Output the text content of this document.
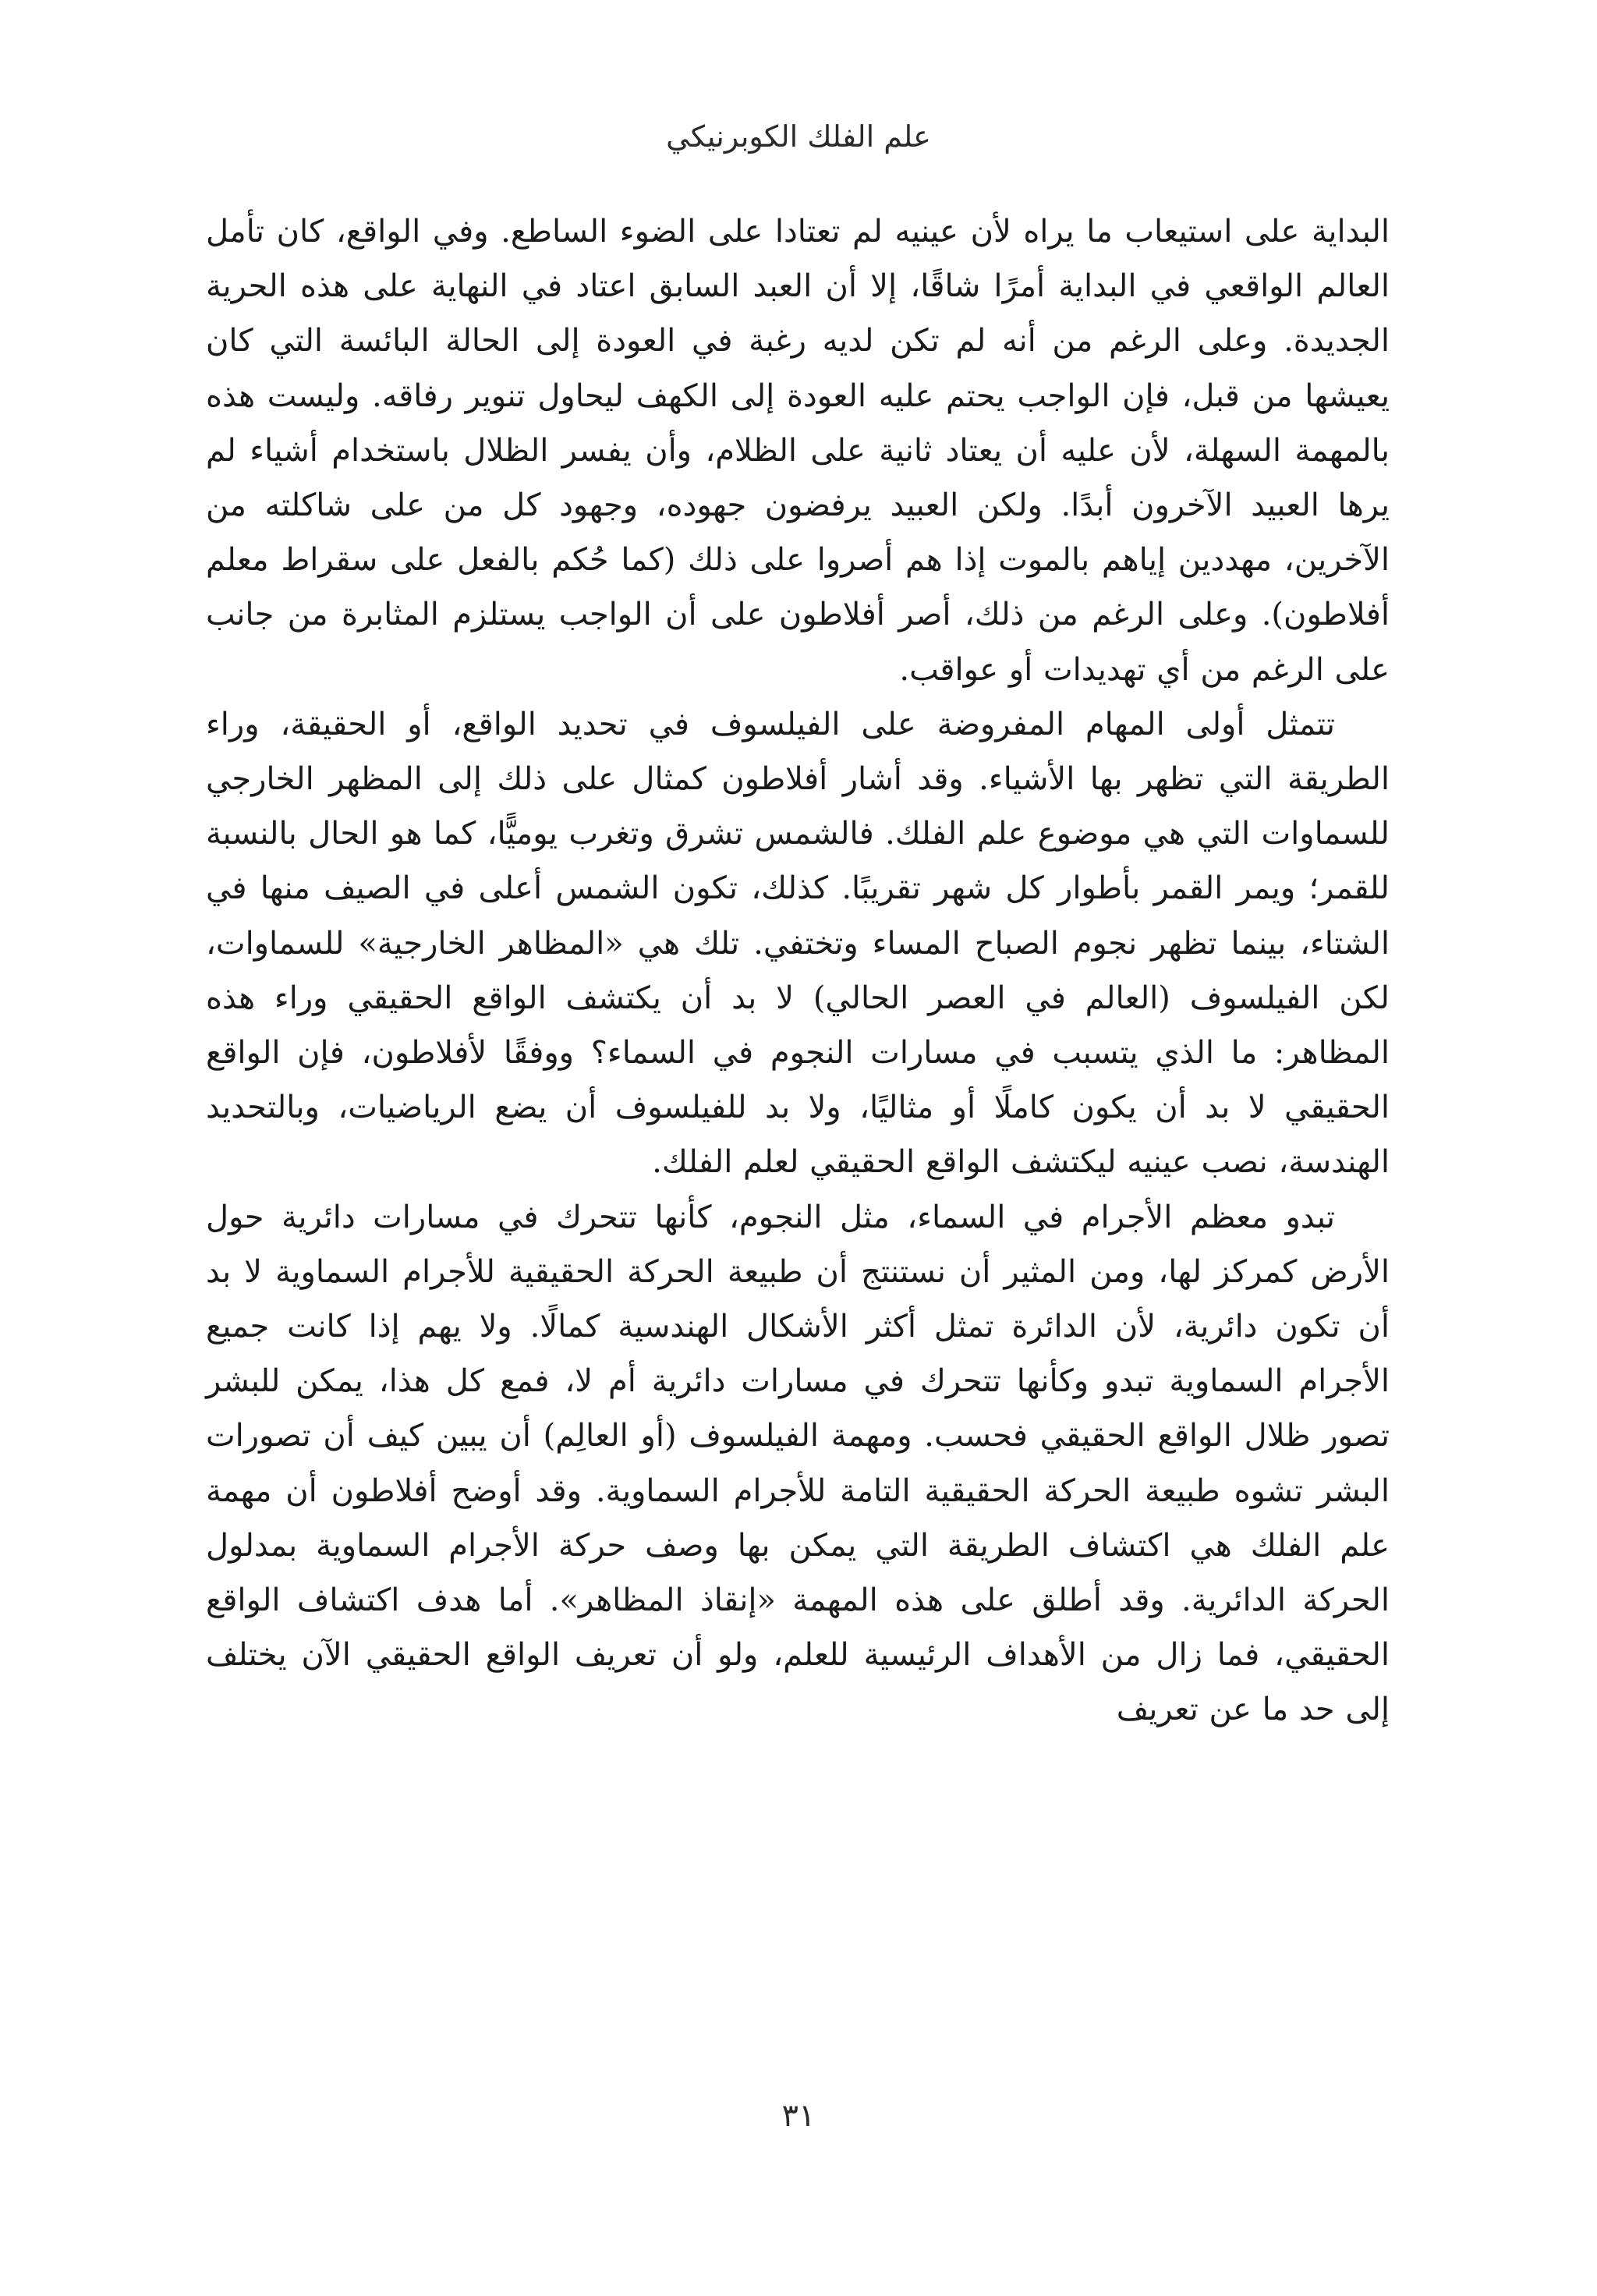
علم الفلك الكوبرنيكي

البداية على استيعاب ما يراه لأن عينيه لم تعتادا على الضوء الساطع. وفي الواقع، كان تأمل العالم الواقعي في البداية أمرًا شاقًا، إلا أن العبد السابق اعتاد في النهاية على هذه الحرية الجديدة. وعلى الرغم من أنه لم تكن لديه رغبة في العودة إلى الحالة البائسة التي كان يعيشها من قبل، فإن الواجب يحتم عليه العودة إلى الكهف ليحاول تنوير رفاقه. وليست هذه بالمهمة السهلة، لأن عليه أن يعتاد ثانية على الظلام، وأن يفسر الظلال باستخدام أشياء لم يرها العبيد الآخرون أبدًا. ولكن العبيد يرفضون جهوده، وجهود كل من على شاكلته من الآخرين، مهددين إياهم بالموت إذا هم أصروا على ذلك (كما حُكم بالفعل على سقراط معلم أفلاطون). وعلى الرغم من ذلك، أصر أفلاطون على أن الواجب يستلزم المثابرة من جانب على الرغم من أي تهديدات أو عواقب.

تتمثل أولى المهام المفروضة على الفيلسوف في تحديد الواقع، أو الحقيقة، وراء الطريقة التي تظهر بها الأشياء. وقد أشار أفلاطون كمثال على ذلك إلى المظهر الخارجي للسماوات التي هي موضوع علم الفلك. فالشمس تشرق وتغرب يوميًّا، كما هو الحال بالنسبة للقمر؛ ويمر القمر بأطوار كل شهر تقريبًا. كذلك، تكون الشمس أعلى في الصيف منها في الشتاء، بينما تظهر نجوم الصباح المساء وتختفي. تلك هي «المظاهر الخارجية» للسماوات، لكن الفيلسوف (العالم في العصر الحالي) لا بد أن يكتشف الواقع الحقيقي وراء هذه المظاهر: ما الذي يتسبب في مسارات النجوم في السماء؟ ووفقًا لأفلاطون، فإن الواقع الحقيقي لا بد أن يكون كاملًا أو مثاليًا، ولا بد للفيلسوف أن يضع الرياضيات، وبالتحديد الهندسة، نصب عينيه ليكتشف الواقع الحقيقي لعلم الفلك.

تبدو معظم الأجرام في السماء، مثل النجوم، كأنها تتحرك في مسارات دائرية حول الأرض كمركز لها، ومن المثير أن نستنتج أن طبيعة الحركة الحقيقية للأجرام السماوية لا بد أن تكون دائرية، لأن الدائرة تمثل أكثر الأشكال الهندسية كمالًا. ولا يهم إذا كانت جميع الأجرام السماوية تبدو وكأنها تتحرك في مسارات دائرية أم لا، فمع كل هذا، يمكن للبشر تصور ظلال الواقع الحقيقي فحسب. ومهمة الفيلسوف (أو العالِم) أن يبين كيف أن تصورات البشر تشوه طبيعة الحركة الحقيقية التامة للأجرام السماوية. وقد أوضح أفلاطون أن مهمة علم الفلك هي اكتشاف الطريقة التي يمكن بها وصف حركة الأجرام السماوية بمدلول الحركة الدائرية. وقد أطلق على هذه المهمة «إنقاذ المظاهر». أما هدف اكتشاف الواقع الحقيقي، فما زال من الأهداف الرئيسية للعلم، ولو أن تعريف الواقع الحقيقي الآن يختلف إلى حد ما عن تعريف

٣١
